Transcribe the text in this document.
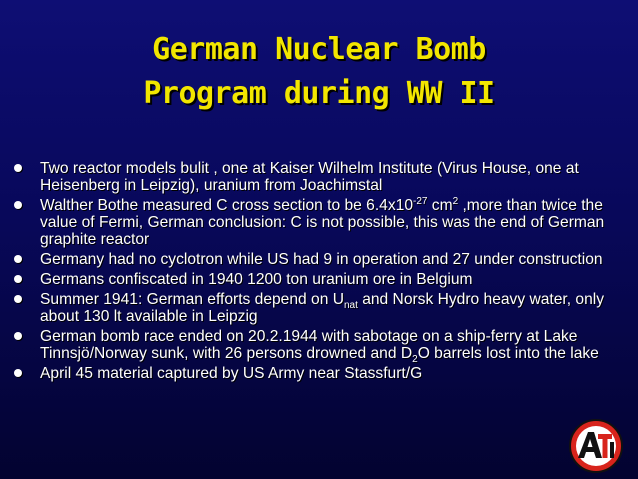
German Nuclear Bomb
Program during WW II
Two reactor models bulit , one at Kaiser Wilhelm Institute (Virus House, one at Heisenberg in Leipzig), uranium from Joachimstal
Walther Bothe measured C cross section to be $6.4x10^{-27}$ $cm^2$ ,more than twice the value of Fermi, German conclusion: C is not possible, this was the end of German graphite reactor
Germany had no cyclotron while US had 9 in operation and 27 under construction
Germans confiscated in 1940 1200 ton uranium ore in Belgium
Summer 1941: German efforts depend on $U_{nat}$ and Norsk Hydro heavy water, only about 130 lt available in Leipzig
German bomb race ended on 20.2.1944 with sabotage on a ship-ferry at Lake Tinnsjö/Norway sunk, with 26 persons drowned and $D_2O$ barrels lost into the lake
April 45 material captured by US Army near Stassfurt/G
